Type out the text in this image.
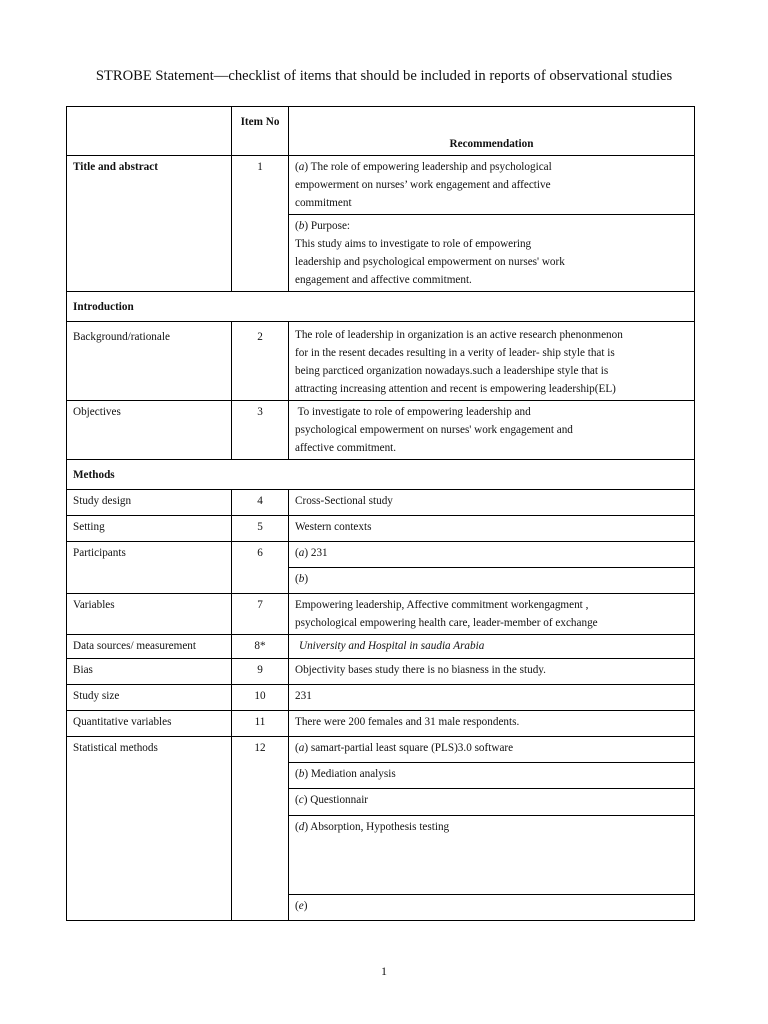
STROBE Statement—checklist of items that should be included in reports of observational studies
	Item No	Recommendation
Title and abstract	1	(a) The role of empowering leadership and psychological
empowerment on nurses’ work engagement and affective
commitment

		(b) Purpose:
This study aims to investigate to role of empowering
leadership and psychological empowerment on nurses' work
engagement and affective commitment.

Introduction		
Background/rationale	2	The role of leadership in organization is an active research phenonmenon
for in the resent decades resulting in a verity of leader- ship style that is
being parcticed organization nowadays.such a leadershipe style that is
attracting increasing attention and recent is empowering leadership(EL)

Objectives	3	To investigate to role of empowering leadership and
psychological empowerment on nurses' work engagement and
affective commitment.

Methods		
Study design	4	Cross-Sectional study
Setting	5	Western contexts
Participants	6	(a) 231
		(b)
Variables	7	Empowering leadership, Affective commitment workengagment ,
psychological empowering health care, leader-member of exchange

Data sources/ measurement	8*	University and Hospital in saudia Arabia
Bias	9	Objectivity bases study there is no biasness in the study.
Study size	10	231
Quantitative variables	11	There were 200 females and 31 male respondents.
Statistical methods	12	(a) samart-partial least square (PLS)3.0 software
		(b) Mediation analysis
		(c) Questionnair
		(d) Absorption, Hypothesis testing
		(e)
1
